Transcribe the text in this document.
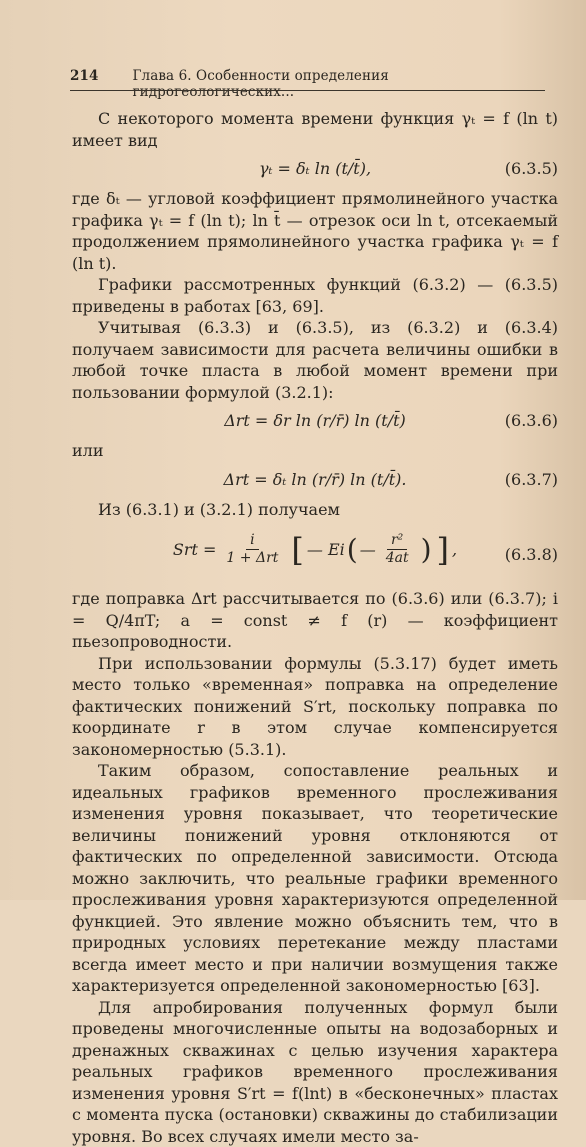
214	Глава 6. Особенности определения гидрогеологических...

С некоторого момента времени функция γₜ = f (ln t) имеет вид

γₜ = δₜ ln (t/t̄),	(6.3.5)

где δₜ — угловой коэффициент прямолинейного участка графика γₜ = f (ln t); ln t̄ — отрезок оси ln t, отсекаемый продолжением прямолинейного участка графика γₜ = f (ln t).

Графики рассмотренных функций (6.3.2) — (6.3.5) приведены в работах [63, 69].

Учитывая (6.3.3) и (6.3.5), из (6.3.2) и (6.3.4) получаем зависимости для расчета величины ошибки в любой точке пласта в любой момент времени при пользовании формулой (3.2.1):

Δrt = δr ln (r/r̄) ln (t/t̄)	(6.3.6)

или

Δrt = δₜ ln (r/r̄) ln (t/t̄).	(6.3.7)

Из (6.3.1) и (3.2.1) получаем

Srt = $\frac{i}{\text{1 + Δrt}}$ [ — Ei ( — $\frac{\text{r²}}{4at}$ ) ] ,	(6.3.8)

где поправка Δrt рассчитывается по (6.3.6) или (6.3.7); i = Q/4πT; a = const ≠ f (r) — коэффициент пьезопроводности.

При использовании формулы (5.3.17) будет иметь место только «временная» поправка на определение фактических понижений S′rt, поскольку поправка по координате r в этом случае компенсируется закономерностью (5.3.1).

Таким образом, сопоставление реальных и идеальных графиков временного прослеживания изменения уровня показывает, что теоретические величины понижений уровня отклоняются от фактических по определенной зависимости. Отсюда можно заключить, что реальные графики временного прослеживания уровня характеризуются определенной функцией. Это явление можно объяснить тем, что в природных условиях перетекание между пластами всегда имеет место и при наличии возмущения также характеризуется определенной закономерностью [63].

Для апробирования полученных формул были проведены многочисленные опыты на водозаборных и дренажных скважинах с целью изучения характера реальных графиков временного прослеживания изменения уровня S′rt = f(lnt) в «бесконечных» пластах с момента пуска (остановки) скважины до стабилизации уровня. Во всех случаях имели место за-
